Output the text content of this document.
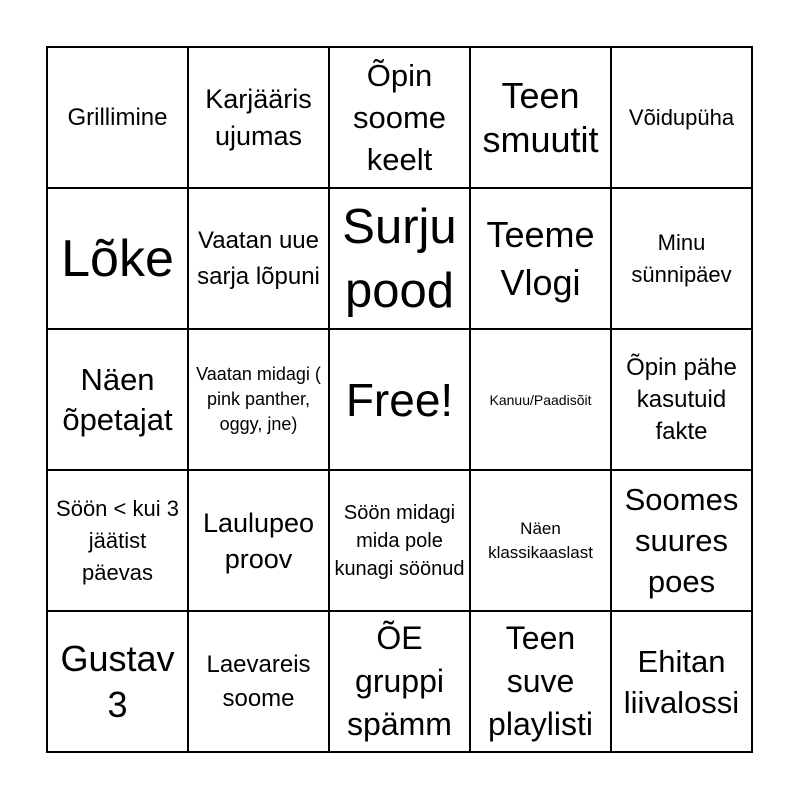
Grillimine
Karjääris ujumas
Õpin soome keelt
Teen smuutit
Võidupüha
Lõke Vaatan uue sarja lõpuni
Surju pood
Teeme Vlogi
Minu sünnipäev
Näen õpetajat
Vaatan midagi ( pink panther, oggy, jne)	Free!	Kanuu/Paadisõit
Õpin pähe kasutuid fakte
Söön < kui 3 jäätist päevas
Laulupeo proov
Söön midagi mida pole kunagi söönud
Näen klassikaaslast
Soomes suures poes
Gustav 3
Laevareis soome
ÕE gruppi spämm
Teen suve playlisti
Ehitan liivalossi
